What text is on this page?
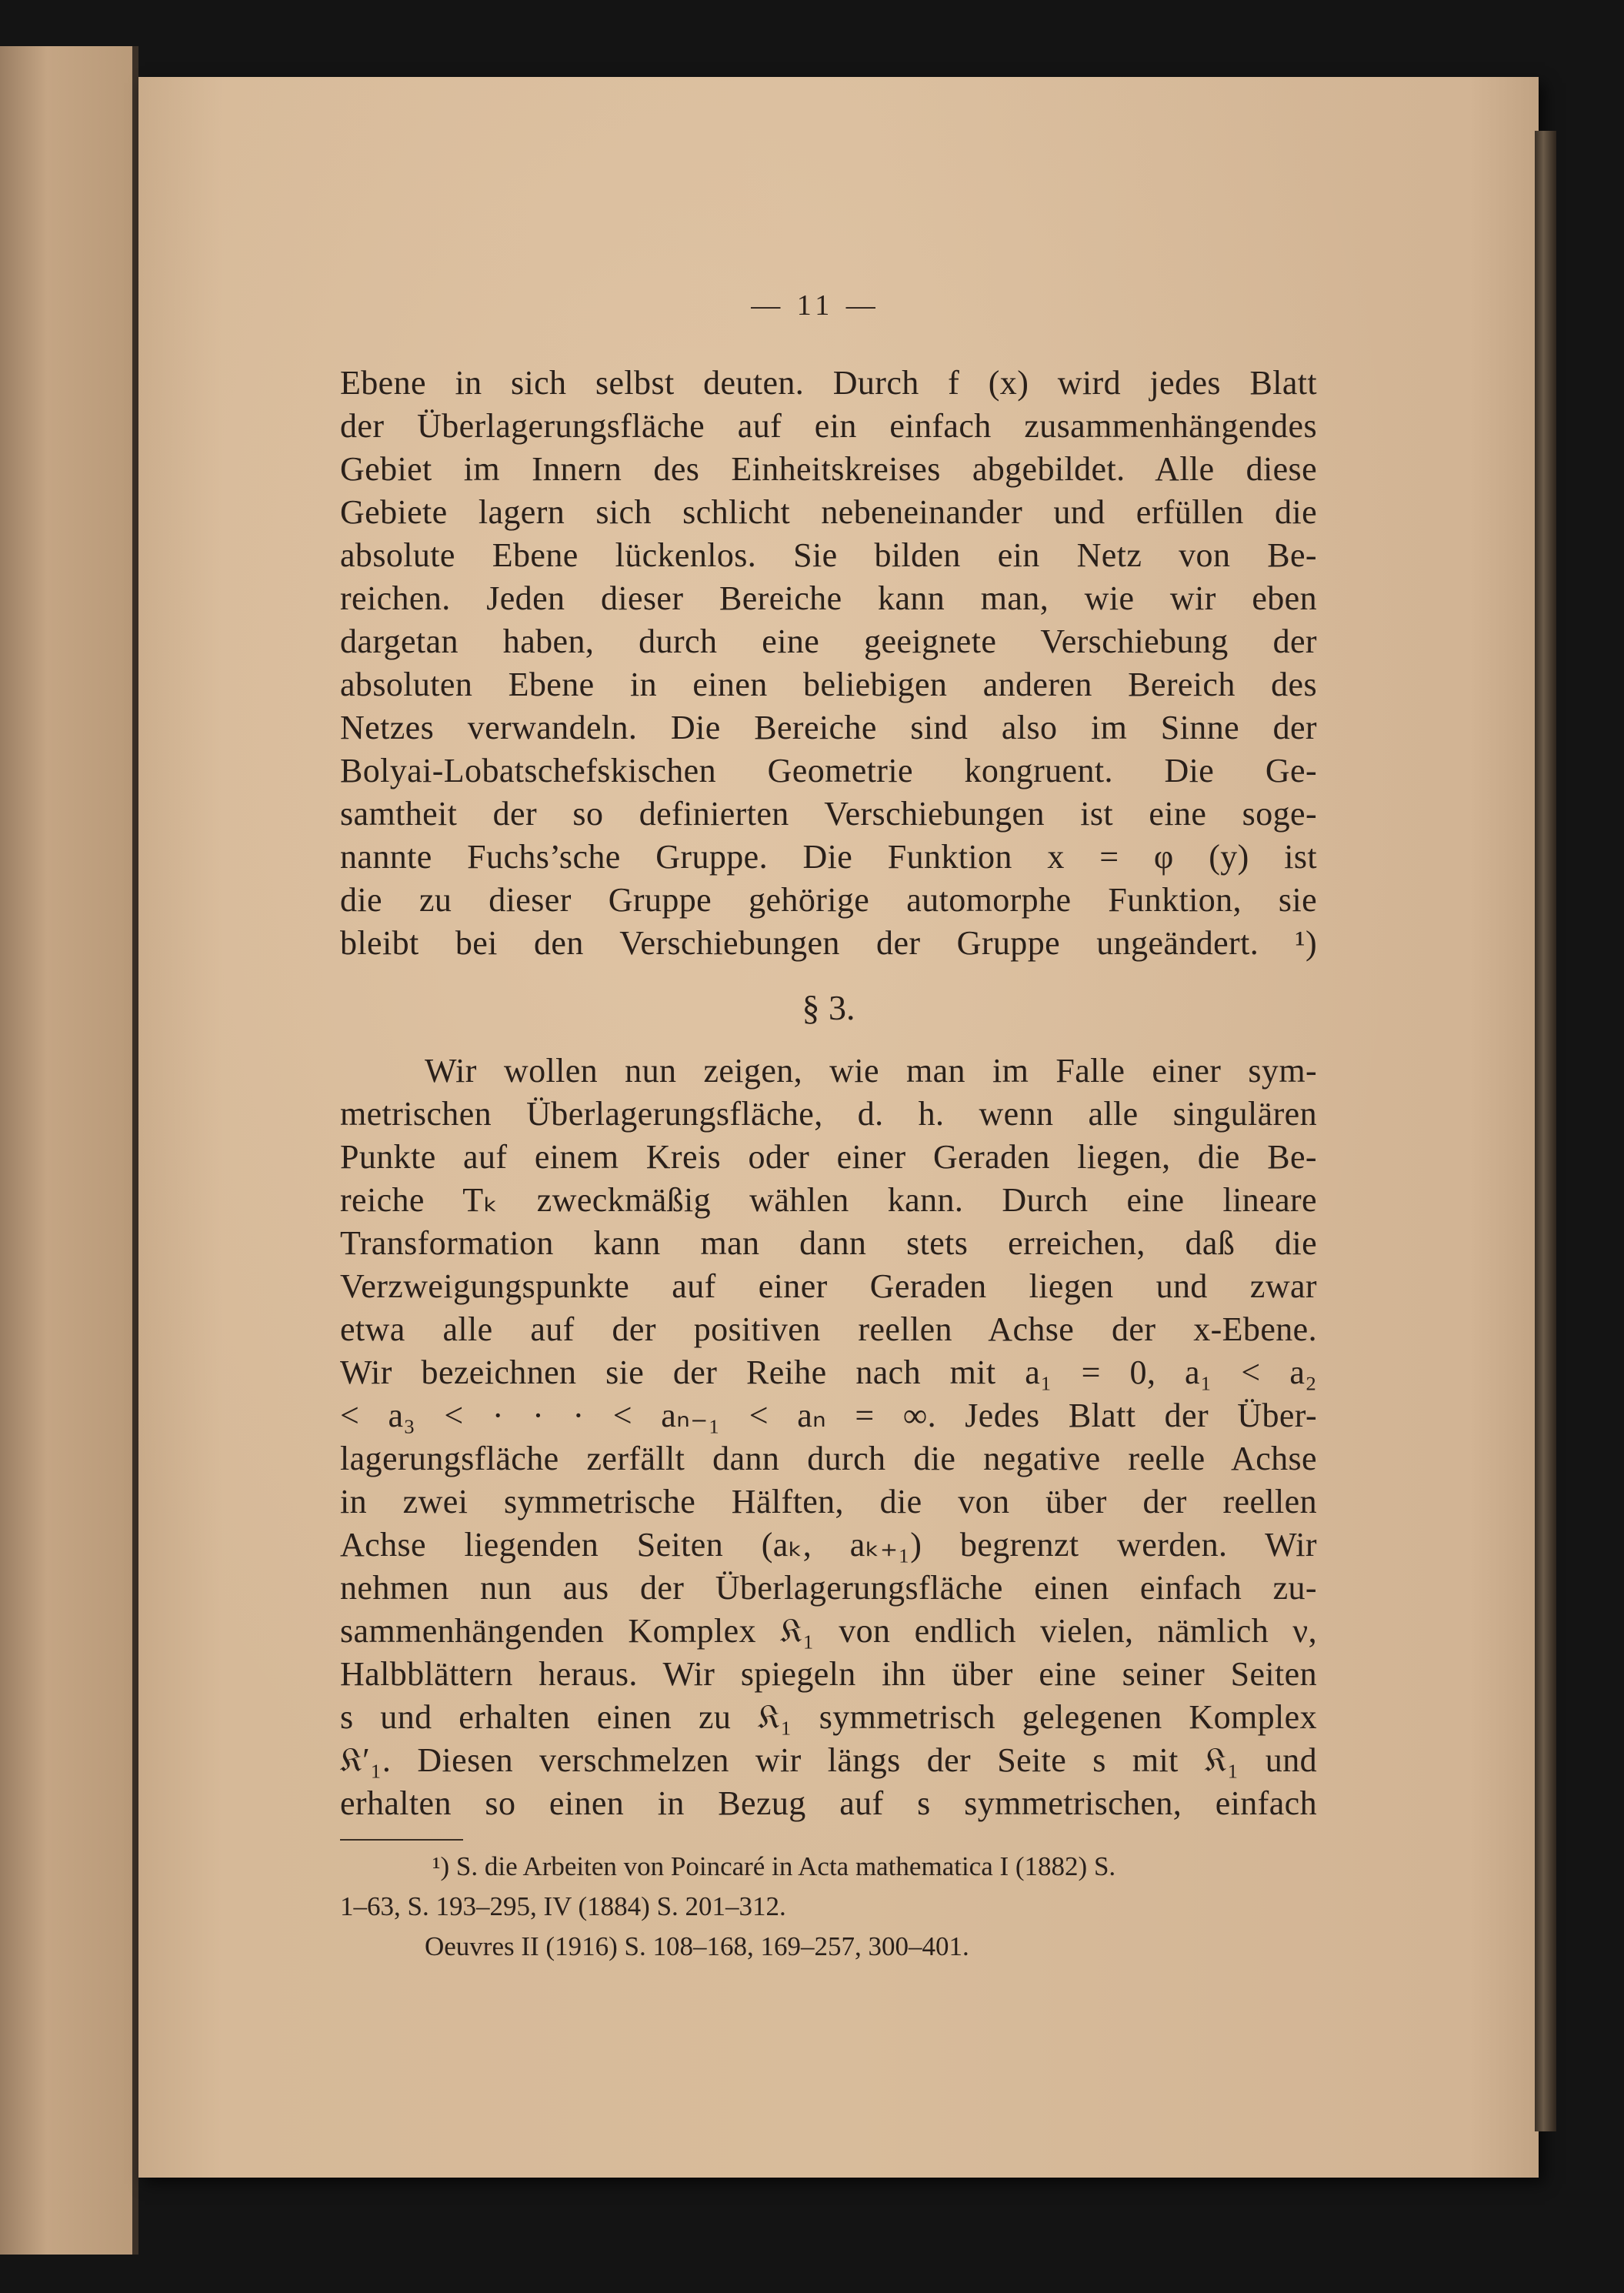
— 11 —
Ebene in sich selbst deuten. Durch f (x) wird jedes Blatt
der Überlagerungsfläche auf ein einfach zusammenhängendes
Gebiet im Innern des Einheitskreises abgebildet. Alle diese
Gebiete lagern sich schlicht nebeneinander und erfüllen die
absolute Ebene lückenlos. Sie bilden ein Netz von Be-
reichen. Jeden dieser Bereiche kann man, wie wir eben
dargetan haben, durch eine geeignete Verschiebung der
absoluten Ebene in einen beliebigen anderen Bereich des
Netzes verwandeln. Die Bereiche sind also im Sinne der
Bolyai-Lobatschefskischen Geometrie kongruent. Die Ge-
samtheit der so definierten Verschiebungen ist eine soge-
nannte Fuchs’sche Gruppe. Die Funktion x = φ (y) ist
die zu dieser Gruppe gehörige automorphe Funktion, sie
bleibt bei den Verschiebungen der Gruppe ungeändert. ¹)
§ 3.
Wir wollen nun zeigen, wie man im Falle einer sym-
metrischen Überlagerungsfläche, d. h. wenn alle singulären
Punkte auf einem Kreis oder einer Geraden liegen, die Be-
reiche Tₖ zweckmäßig wählen kann. Durch eine lineare
Transformation kann man dann stets erreichen, daß die
Verzweigungspunkte auf einer Geraden liegen und zwar
etwa alle auf der positiven reellen Achse der x-Ebene.
Wir bezeichnen sie der Reihe nach mit a₁ = 0, a₁ < a₂
< a₃ < · · · < aₙ₋₁ < aₙ = ∞. Jedes Blatt der Über-
lagerungsfläche zerfällt dann durch die negative reelle Achse
in zwei symmetrische Hälften, die von über der reellen
Achse liegenden Seiten (aₖ, aₖ₊₁) begrenzt werden. Wir
nehmen nun aus der Überlagerungsfläche einen einfach zu-
sammenhängenden Komplex 𝔎₁ von endlich vielen, nämlich ν,
Halbblättern heraus. Wir spiegeln ihn über eine seiner Seiten
s und erhalten einen zu 𝔎₁ symmetrisch gelegenen Komplex
𝔎′₁. Diesen verschmelzen wir längs der Seite s mit 𝔎₁ und
erhalten so einen in Bezug auf s symmetrischen, einfach
¹) S. die Arbeiten von Poincaré in Acta mathematica I (1882) S.
1–63, S. 193–295, IV (1884) S. 201–312.
Oeuvres II (1916) S. 108–168, 169–257, 300–401.
